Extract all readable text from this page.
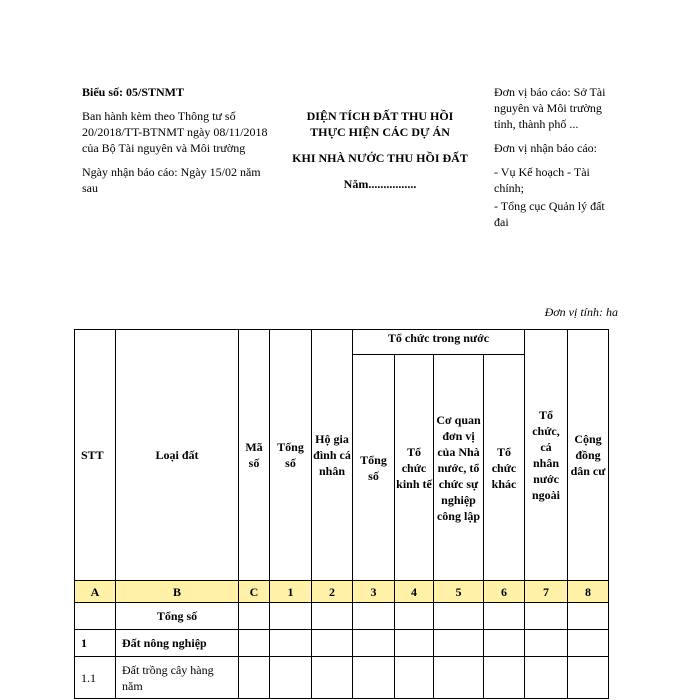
Biểu số: 05/STNMT

Ban hành kèm theo Thông tư số 20/2018/TT-BTNMT ngày 08/11/2018 của Bộ Tài nguyên và Môi trường

Ngày nhận báo cáo: Ngày 15/02 năm sau

DIỆN TÍCH ĐẤT THU HỒI

THỰC HIỆN CÁC DỰ ÁN

KHI NHÀ NƯỚC THU HỒI ĐẤT

Năm................

Đơn vị báo cáo: Sở Tài nguyên và Môi trường tỉnh, thành phố ...

Đơn vị nhận báo cáo:

- Vụ Kế hoạch - Tài chính;

- Tổng cục Quản lý đất đai

Đơn vị tính: ha
STT	Loại đất	Mã số	Tổng số	Hộ gia đình cá nhân	Tổ chức trong nước				Tổ chức, cá nhân nước ngoài	Cộng đồng dân cư
					Tổng số	Tổ chức kinh tế	Cơ quan đơn vị của Nhà nước, tổ chức sự nghiệp công lập	Tổ chức khác		
A	B	C	1	2	3	4	5	6	7	8
	Tổng số									
1	Đất nông nghiệp									
1.1	Đất trồng cây hàng năm									
